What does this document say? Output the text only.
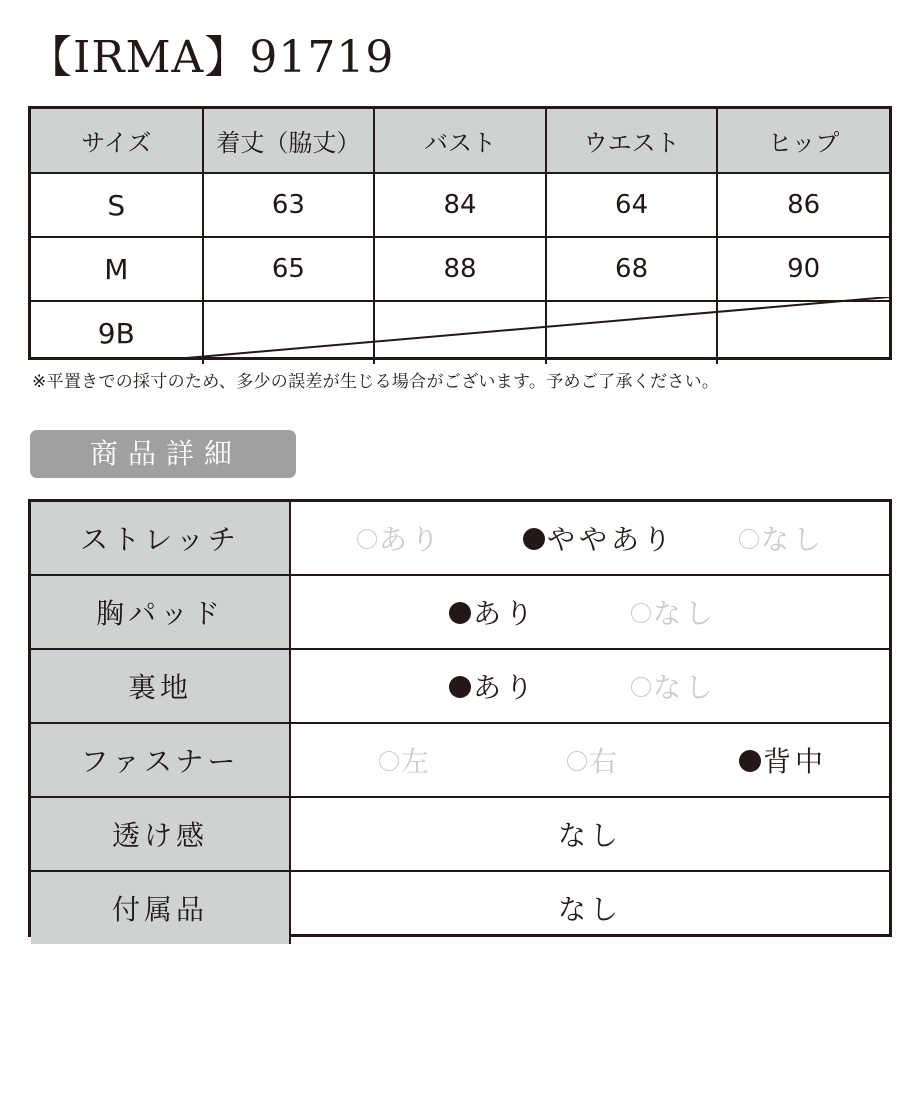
【IRMA】91719
サイズ	着丈（脇丈）	バスト	ウエスト	ヒップ
S	63	84	64	86
M	65	88	68	90
9B				
※平置きでの採寸のため、多少の誤差が生じる場合がございます。予めご了承ください。
商品詳細
ストレッチ	あり ややあり なし

胸パッド	あり なし

裏地	あり なし

ファスナー	左 右 背中

透け感	なし

付属品	なし
